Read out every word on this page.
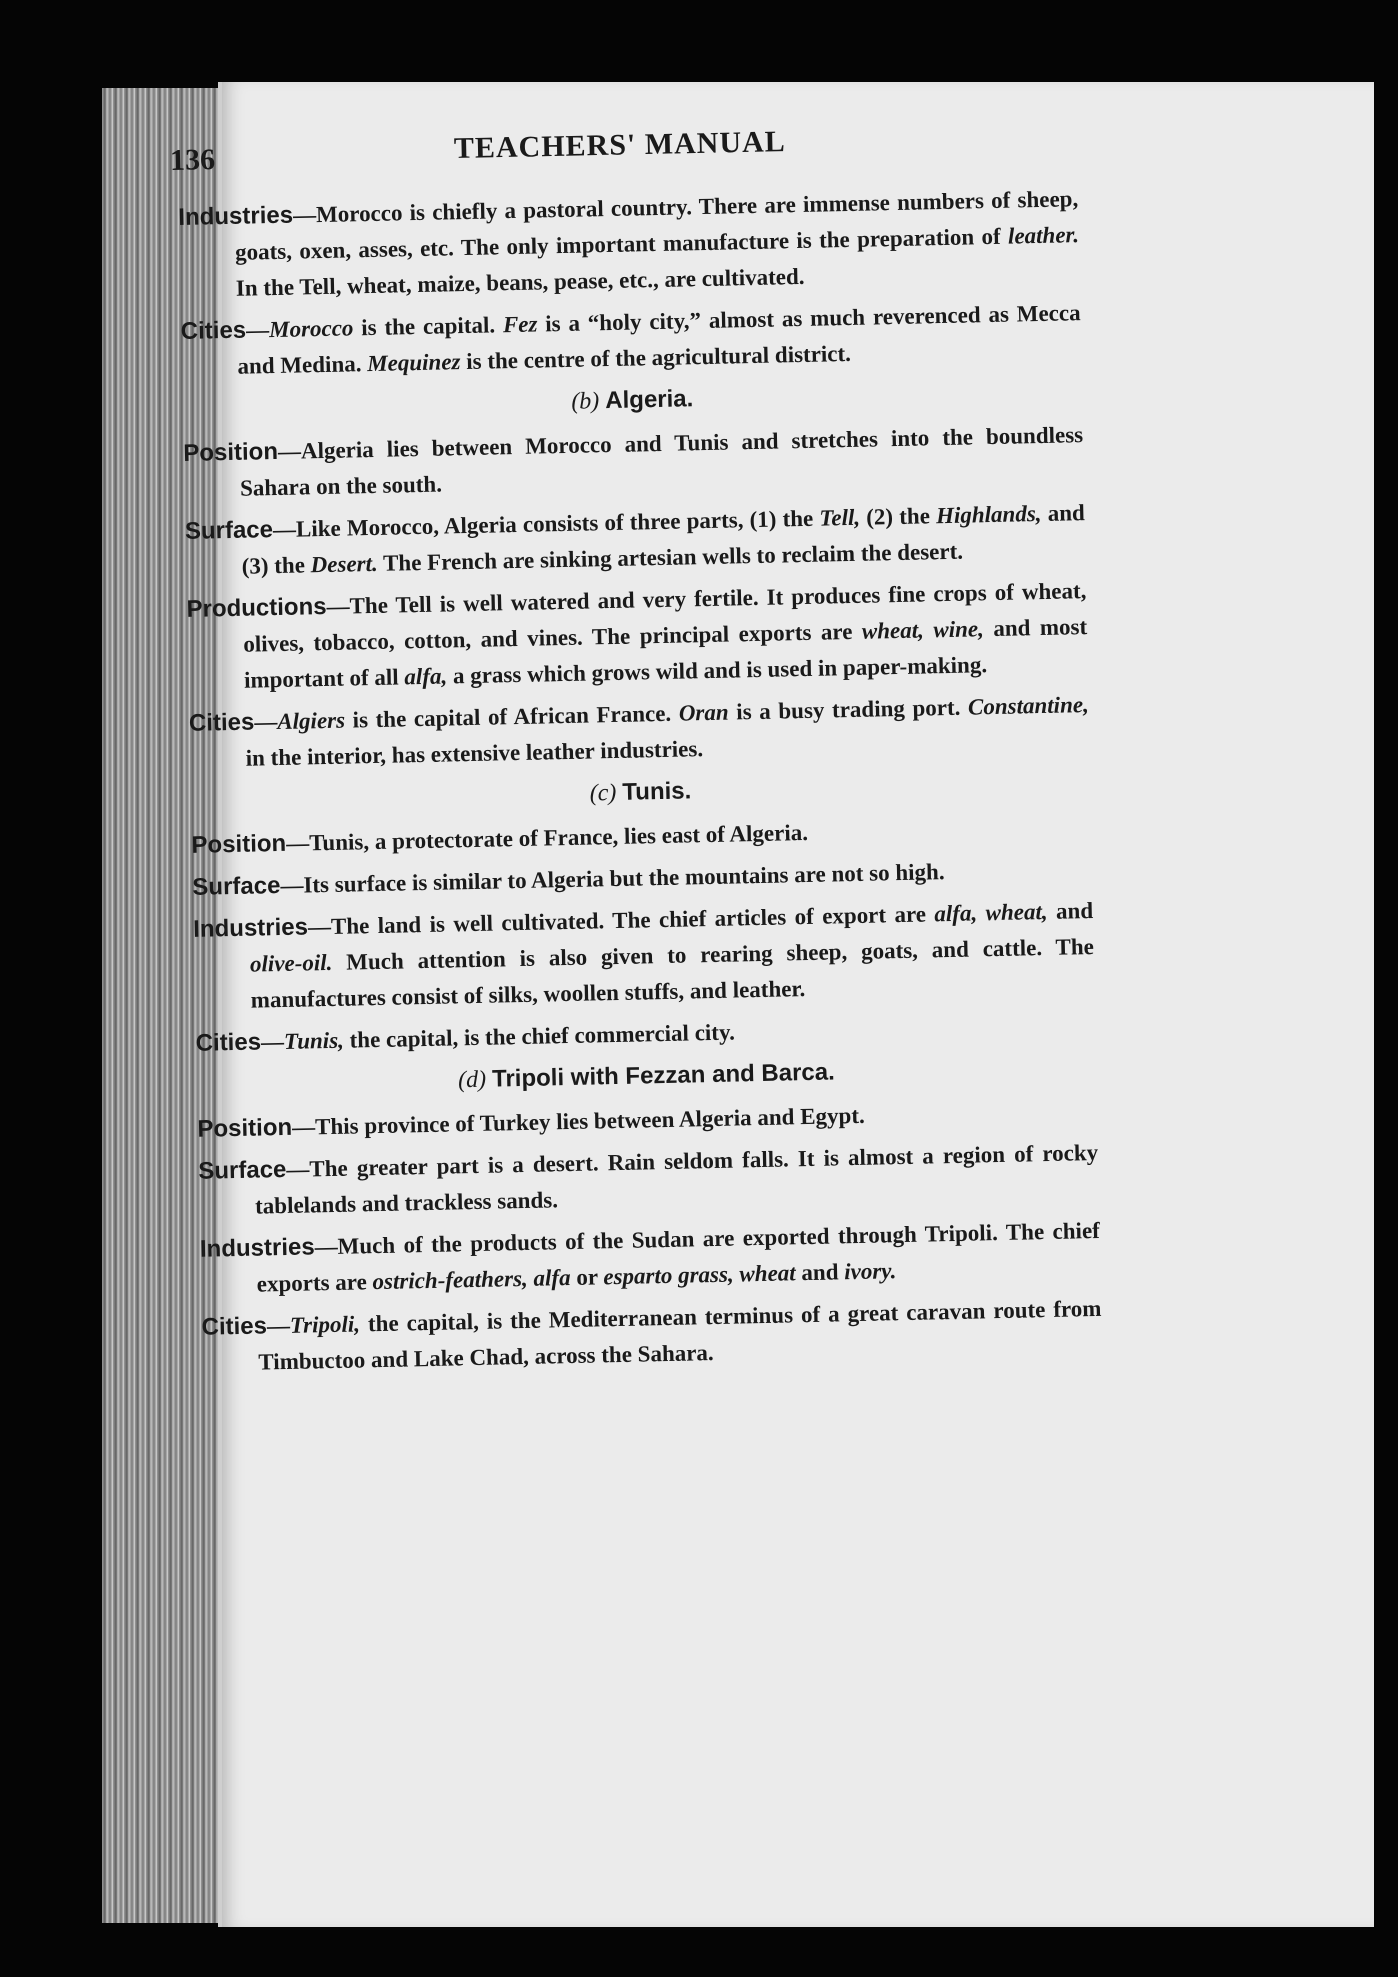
136	TEACHERS' MANUAL

Industries—Morocco is chiefly a pastoral country. There are immense numbers of sheep, goats, oxen, asses, etc. The only important manufacture is the preparation of leather. In the Tell, wheat, maize, beans, pease, etc., are cultivated.

Cities—Morocco is the capital. Fez is a “holy city,” almost as much reverenced as Mecca and Medina. Mequinez is the centre of the agricultural district.

(b) Algeria.

Position—Algeria lies between Morocco and Tunis and stretches into the boundless Sahara on the south.

Surface—Like Morocco, Algeria consists of three parts, (1) the Tell, (2) the Highlands, and (3) the Desert. The French are sinking artesian wells to reclaim the desert.

Productions—The Tell is well watered and very fertile. It produces fine crops of wheat, olives, tobacco, cotton, and vines. The principal exports are wheat, wine, and most important of all alfa, a grass which grows wild and is used in paper-making.

Cities—Algiers is the capital of African France. Oran is a busy trading port. Constantine, in the interior, has extensive leather industries.

(c) Tunis.

Position—Tunis, a protectorate of France, lies east of Algeria.

Surface—Its surface is similar to Algeria but the mountains are not so high.

Industries—The land is well cultivated. The chief articles of export are alfa, wheat, and olive-oil. Much attention is also given to rearing sheep, goats, and cattle. The manufactures consist of silks, woollen stuffs, and leather.

Cities—Tunis, the capital, is the chief commercial city.

(d) Tripoli with Fezzan and Barca.

Position—This province of Turkey lies between Algeria and Egypt.

Surface—The greater part is a desert. Rain seldom falls. It is almost a region of rocky tablelands and trackless sands.

Industries—Much of the products of the Sudan are exported through Tripoli. The chief exports are ostrich-feathers, alfa or esparto grass, wheat and ivory.

Cities—Tripoli, the capital, is the Mediterranean terminus of a great caravan route from Timbuctoo and Lake Chad, across the Sahara.
